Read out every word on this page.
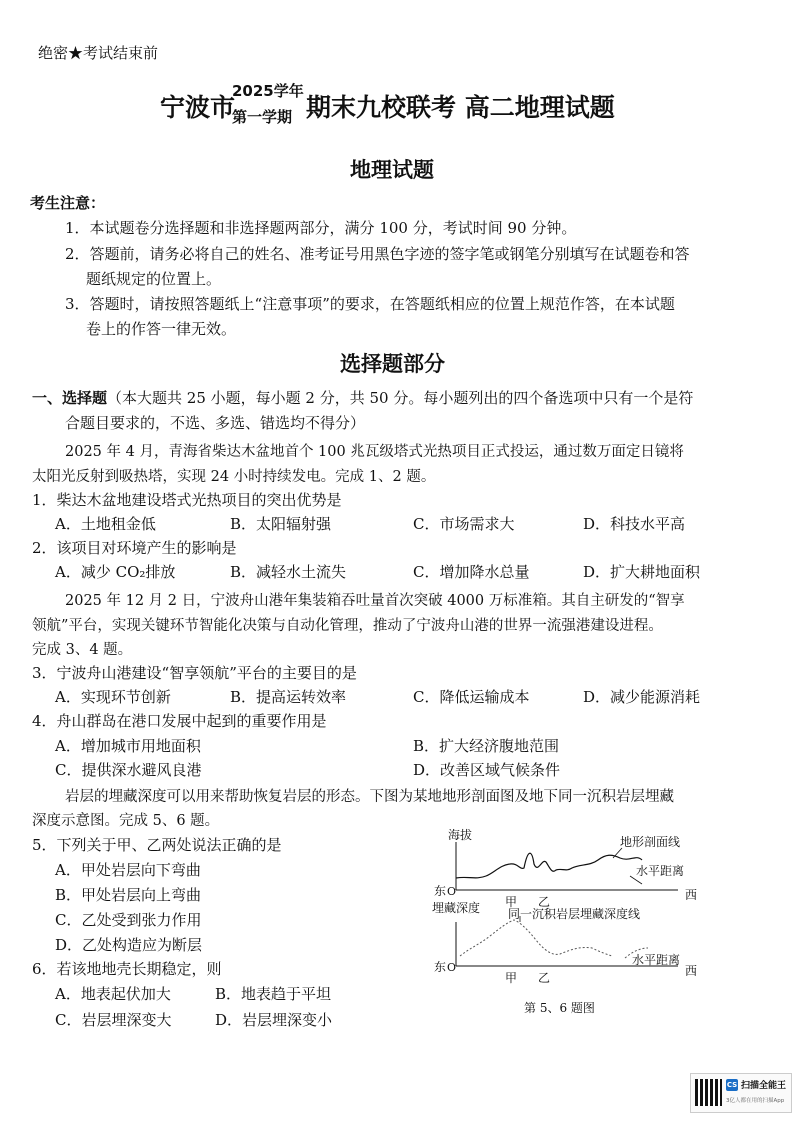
绝密★考试结束前
宁波市
2025学年
第一学期 期末九校联考 高二地理试题
地理试题
考生注意：
1．本试题卷分选择题和非选择题两部分，满分 100 分，考试时间 90 分钟。
2．答题前，请务必将自己的姓名、准考证号用黑色字迹的签字笔或钢笔分别填写在试题卷和答
题纸规定的位置上。
3．答题时，请按照答题纸上“注意事项”的要求，在答题纸相应的位置上规范作答，在本试题
卷上的作答一律无效。
选择题部分
一、选择题（本大题共 25 小题，每小题 2 分，共 50 分。每小题列出的四个备选项中只有一个是符
合题目要求的，不选、多选、错选均不得分）
2025 年 4 月，青海省柴达木盆地首个 100 兆瓦级塔式光热项目正式投运，通过数万面定日镜将
太阳光反射到吸热塔，实现 24 小时持续发电。完成 1、2 题。
1．柴达木盆地建设塔式光热项目的突出优势是
A．土地租金低	B．太阳辐射强	C．市场需求大	D．科技水平高
2．该项目对环境产生的影响是
A．减少 CO₂排放	B．减轻水土流失	C．增加降水总量	D．扩大耕地面积
2025 年 12 月 2 日，宁波舟山港年集装箱吞吐量首次突破 4000 万标准箱。其自主研发的“智享
领航”平台，实现关键环节智能化决策与自动化管理，推动了宁波舟山港的世界一流强港建设进程。
完成 3、4 题。
3．宁波舟山港建设“智享领航”平台的主要目的是
A．实现环节创新	B．提高运转效率	C．降低运输成本	D．减少能源消耗
4．舟山群岛在港口发展中起到的重要作用是
A．增加城市用地面积	B．扩大经济腹地范围
C．提供深水避风良港	D．改善区域气候条件
岩层的埋藏深度可以用来帮助恢复岩层的形态。下图为某地地形剖面图及地下同一沉积岩层埋藏
深度示意图。完成 5、6 题。
5．下列关于甲、乙两处说法正确的是
A．甲处岩层向下弯曲
B．甲处岩层向上弯曲
C．乙处受到张力作用
D．乙处构造应为断层
6．若该地地壳长期稳定，则
A．地表起伏加大	B．地表趋于平坦
C．岩层埋深变大	D．岩层埋深变小
海拔
东 O	西
地形剖面线
水平距离
甲 乙
埋藏深度
东 O	西
同一沉积岩层埋藏深度线
水平距离
甲 乙
第 5、6 题图
CS 扫描全能王
3亿人都在用的扫描App
